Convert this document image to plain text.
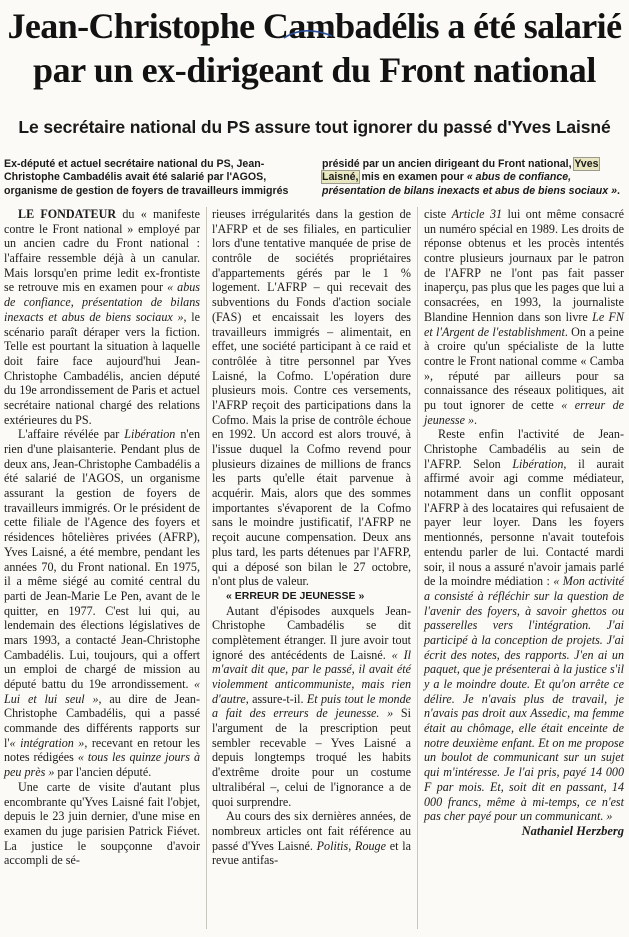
Jean-Christophe Cambadélis a été salarié
par un ex-dirigeant du Front national
Le secrétaire national du PS assure tout ignorer du passé d'Yves Laisné
Ex-député et actuel secrétaire national du PS, Jean-Christophe Cambadélis avait été salarié par l'AGOS, organisme de gestion de foyers de travailleurs immigrés
présidé par un ancien dirigeant du Front national, Yves Laisné, mis en examen pour « abus de confiance, présentation de bilans inexacts et abus de biens sociaux ».

LE FONDATEUR du « manifeste contre le Front national » employé par un ancien cadre du Front national : l'affaire ressemble déjà à un canular. Mais lorsqu'en prime ledit ex-frontiste se retrouve mis en examen pour « abus de confiance, présentation de bilans inexacts et abus de biens sociaux », le scénario paraît déraper vers la fiction. Telle est pourtant la situation à laquelle doit faire face aujourd'hui Jean-Christophe Cambadélis, ancien député du 19e arrondissement de Paris et actuel secrétaire national chargé des relations extérieures du PS.

L'affaire révélée par Libération n'en rien d'une plaisanterie. Pendant plus de deux ans, Jean-Christophe Cambadélis a été salarié de l'AGOS, un organisme assurant la gestion de foyers de travailleurs immigrés. Or le président de cette filiale de l'Agence des foyers et résidences hôtelières privées (AFRP), Yves Laisné, a été membre, pendant les années 70, du Front national. En 1975, il a même siégé au comité central du parti de Jean-Marie Le Pen, avant de le quitter, en 1977. C'est lui qui, au lendemain des élections législatives de mars 1993, a contacté Jean-Christophe Cambadélis. Lui, toujours, qui a offert un emploi de chargé de mission au député battu du 19e arrondissement. « Lui et lui seul », au dire de Jean-Christophe Cambadélis, qui a passé commande des différents rapports sur l'« intégration », recevant en retour les notes rédigées « tous les quinze jours à peu près » par l'ancien député.

Une carte de visite d'autant plus encombrante qu'Yves Laisné fait l'objet, depuis le 23 juin dernier, d'une mise en examen du juge parisien Patrick Fiévet. La justice le soupçonne d'avoir accompli de sé-

rieuses irrégularités dans la gestion de l'AFRP et de ses filiales, en particulier lors d'une tentative manquée de prise de contrôle de sociétés propriétaires d'appartements gérés par le 1 % logement. L'AFRP – qui recevait des subventions du Fonds d'action sociale (FAS) et encaissait les loyers des travailleurs immigrés – alimentait, en effet, une société participant à ce raid et contrôlée à titre personnel par Yves Laisné, la Cofmo. L'opération dure plusieurs mois. Contre ces versements, l'AFRP reçoit des participations dans la Cofmo. Mais la prise de contrôle échoue en 1992. Un accord est alors trouvé, à l'issue duquel la Cofmo revend pour plusieurs dizaines de millions de francs les parts qu'elle était parvenue à acquérir. Mais, alors que des sommes importantes s'évaporent de la Cofmo sans le moindre justificatif, l'AFRP ne reçoit aucune compensation. Deux ans plus tard, les parts détenues par l'AFRP, qui a déposé son bilan le 27 octobre, n'ont plus de valeur.

« ERREUR DE JEUNESSE »

Autant d'épisodes auxquels Jean-Christophe Cambadélis se dit complètement étranger. Il jure avoir tout ignoré des antécédents de Laisné. « Il m'avait dit que, par le passé, il avait été violemment anticommuniste, mais rien d'autre, assure-t-il. Et puis tout le monde a fait des erreurs de jeunesse. » Si l'argument de la prescription peut sembler recevable – Yves Laisné a depuis longtemps troqué les habits d'extrême droite pour un costume ultralibéral –, celui de l'ignorance a de quoi surprendre.

Au cours des six dernières années, de nombreux articles ont fait référence au passé d'Yves Laisné. Politis, Rouge et la revue antifas-

ciste Article 31 lui ont même consacré un numéro spécial en 1989. Les droits de réponse obtenus et les procès intentés contre plusieurs journaux par le patron de l'AFRP ne l'ont pas fait passer inaperçu, pas plus que les pages que lui a consacrées, en 1993, la journaliste Blandine Hennion dans son livre Le FN et l'Argent de l'establishment. On a peine à croire qu'un spécialiste de la lutte contre le Front national comme « Camba », réputé par ailleurs pour sa connaissance des réseaux politiques, ait pu tout ignorer de cette « erreur de jeunesse ».

Reste enfin l'activité de Jean-Christophe Cambadélis au sein de l'AFRP. Selon Libération, il aurait affirmé avoir agi comme médiateur, notamment dans un conflit opposant l'AFRP à des locataires qui refusaient de payer leur loyer. Dans les foyers mentionnés, personne n'avait toutefois entendu parler de lui. Contacté mardi soir, il nous a assuré n'avoir jamais parlé de la moindre médiation : « Mon activité a consisté à réfléchir sur la question de l'avenir des foyers, à savoir ghettos ou passerelles vers l'intégration. J'ai participé à la conception de projets. J'ai écrit des notes, des rapports. J'en ai un paquet, que je présenterai à la justice s'il y a le moindre doute. Et qu'on arrête ce délire. Je n'avais plus de travail, je n'avais pas droit aux Assedic, ma femme était au chômage, elle était enceinte de notre deuxième enfant. Et on me propose un boulot de communicant sur un sujet qui m'intéresse. Je l'ai pris, payé 14 000 F par mois. Et, soit dit en passant, 14 000 francs, même à mi-temps, ce n'est pas cher payé pour un communicant. »

Nathaniel Herzberg
